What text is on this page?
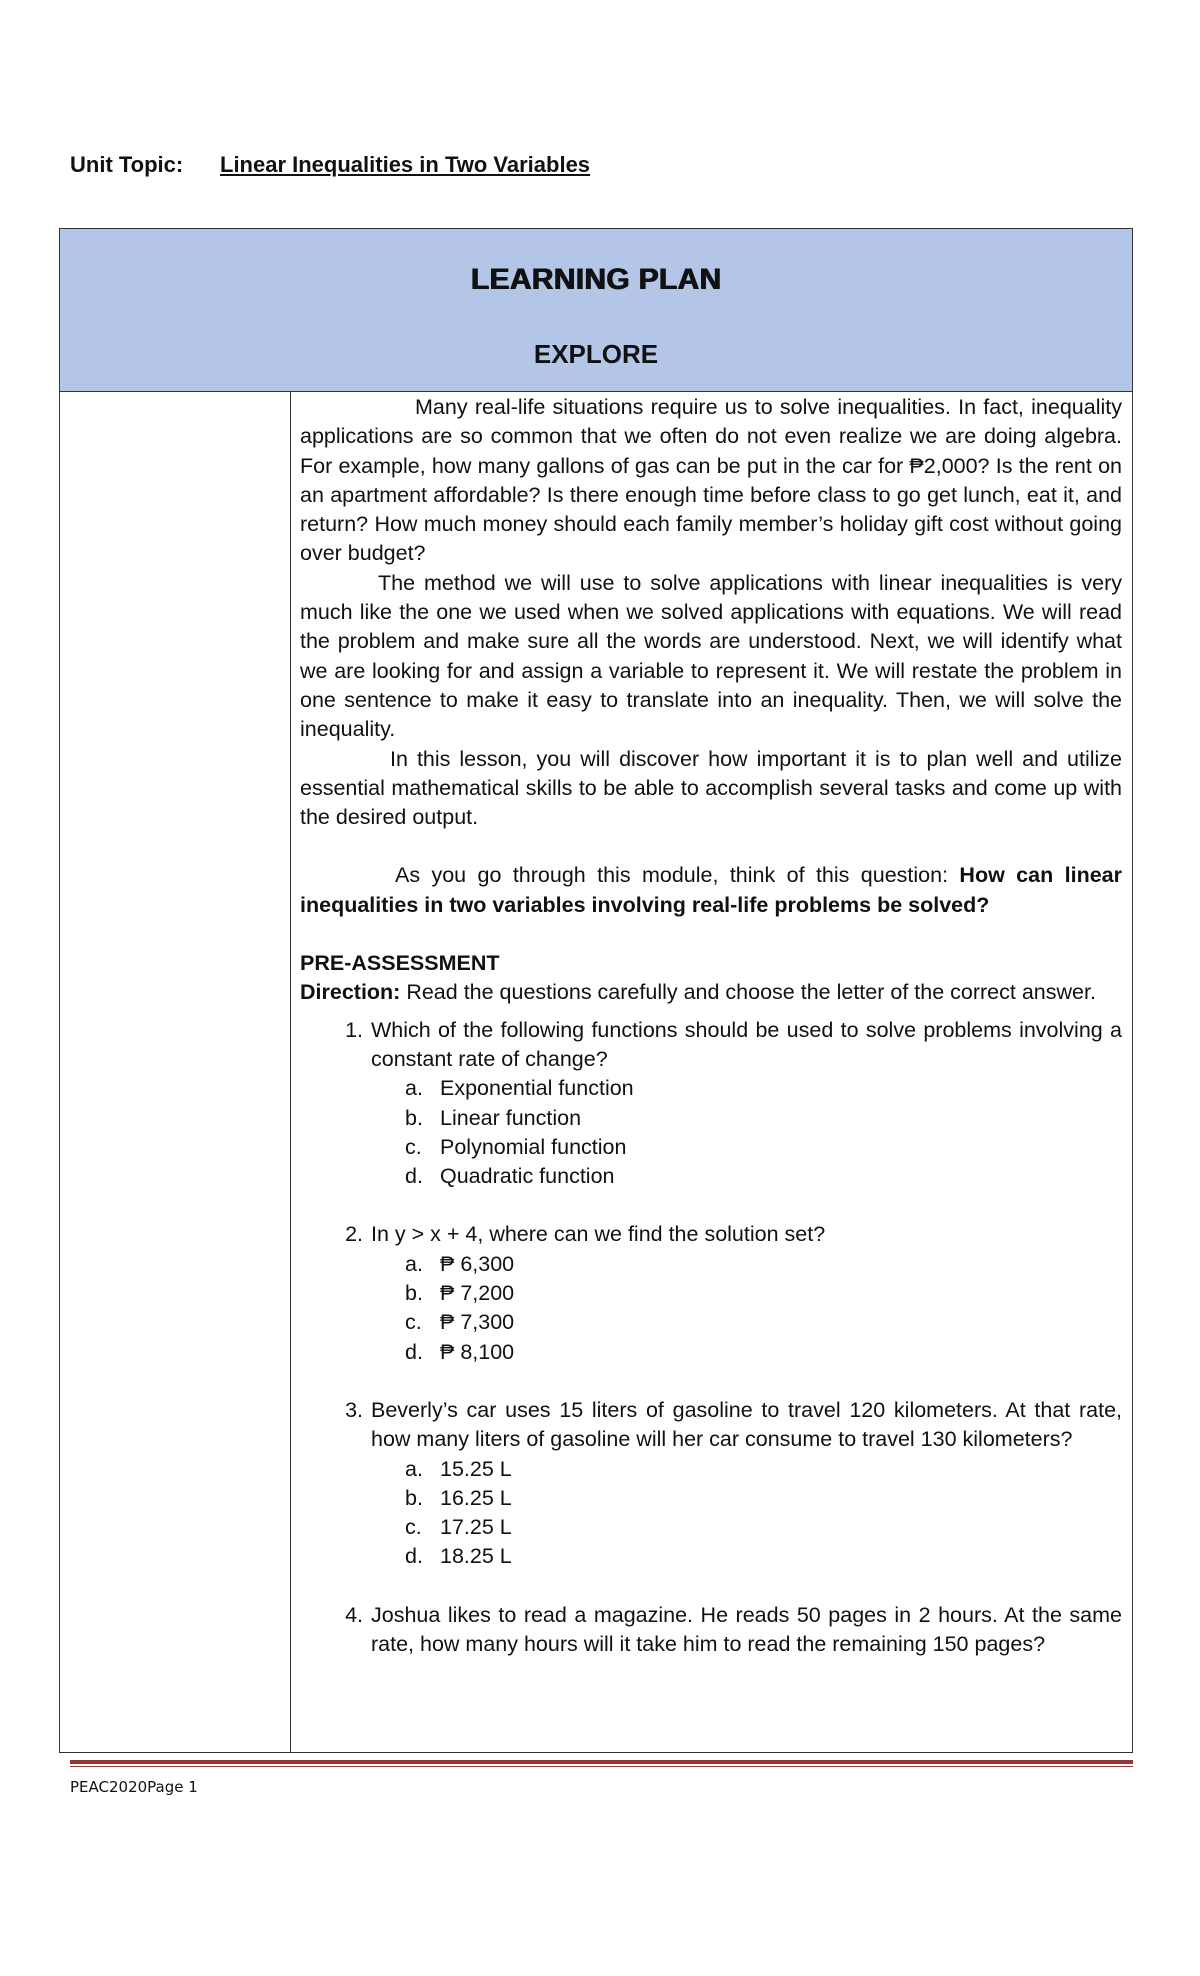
Unit Topic: Linear Inequalities in Two Variables
LEARNING PLAN
EXPLORE

Many real-life situations require us to solve inequalities. In fact, inequality applications are so common that we often do not even realize we are doing algebra. For example, how many gallons of gas can be put in the car for ₱2,000? Is the rent on an apartment affordable? Is there enough time before class to go get lunch, eat it, and return? How much money should each family member’s holiday gift cost without going over budget?

The method we will use to solve applications with linear inequalities is very much like the one we used when we solved applications with equations. We will read the problem and make sure all the words are understood. Next, we will identify what we are looking for and assign a variable to represent it. We will restate the problem in one sentence to make it easy to translate into an inequality. Then, we will solve the inequality.

In this lesson, you will discover how important it is to plan well and utilize essential mathematical skills to be able to accomplish several tasks and come up with the desired output.

As you go through this module, think of this question: How can linear inequalities in two variables involving real-life problems be solved?

PRE-ASSESSMENT

Direction: Read the questions carefully and choose the letter of the correct answer.

1. Which of the following functions should be used to solve problems involving a constant rate of change?
a. Exponential function
b. Linear function
c. Polynomial function
d. Quadratic function
2. In y > x + 4, where can we find the solution set?
a. ₱ 6,300
b. ₱ 7,200
c. ₱ 7,300
d. ₱ 8,100
3. Beverly’s car uses 15 liters of gasoline to travel 120 kilometers. At that rate, how many liters of gasoline will her car consume to travel 130 kilometers?
a. 15.25 L
b. 16.25 L
c. 17.25 L
d. 18.25 L
4. Joshua likes to read a magazine. He reads 50 pages in 2 hours. At the same rate, how many hours will it take him to read the remaining 150 pages?
PEAC2020Page 1
